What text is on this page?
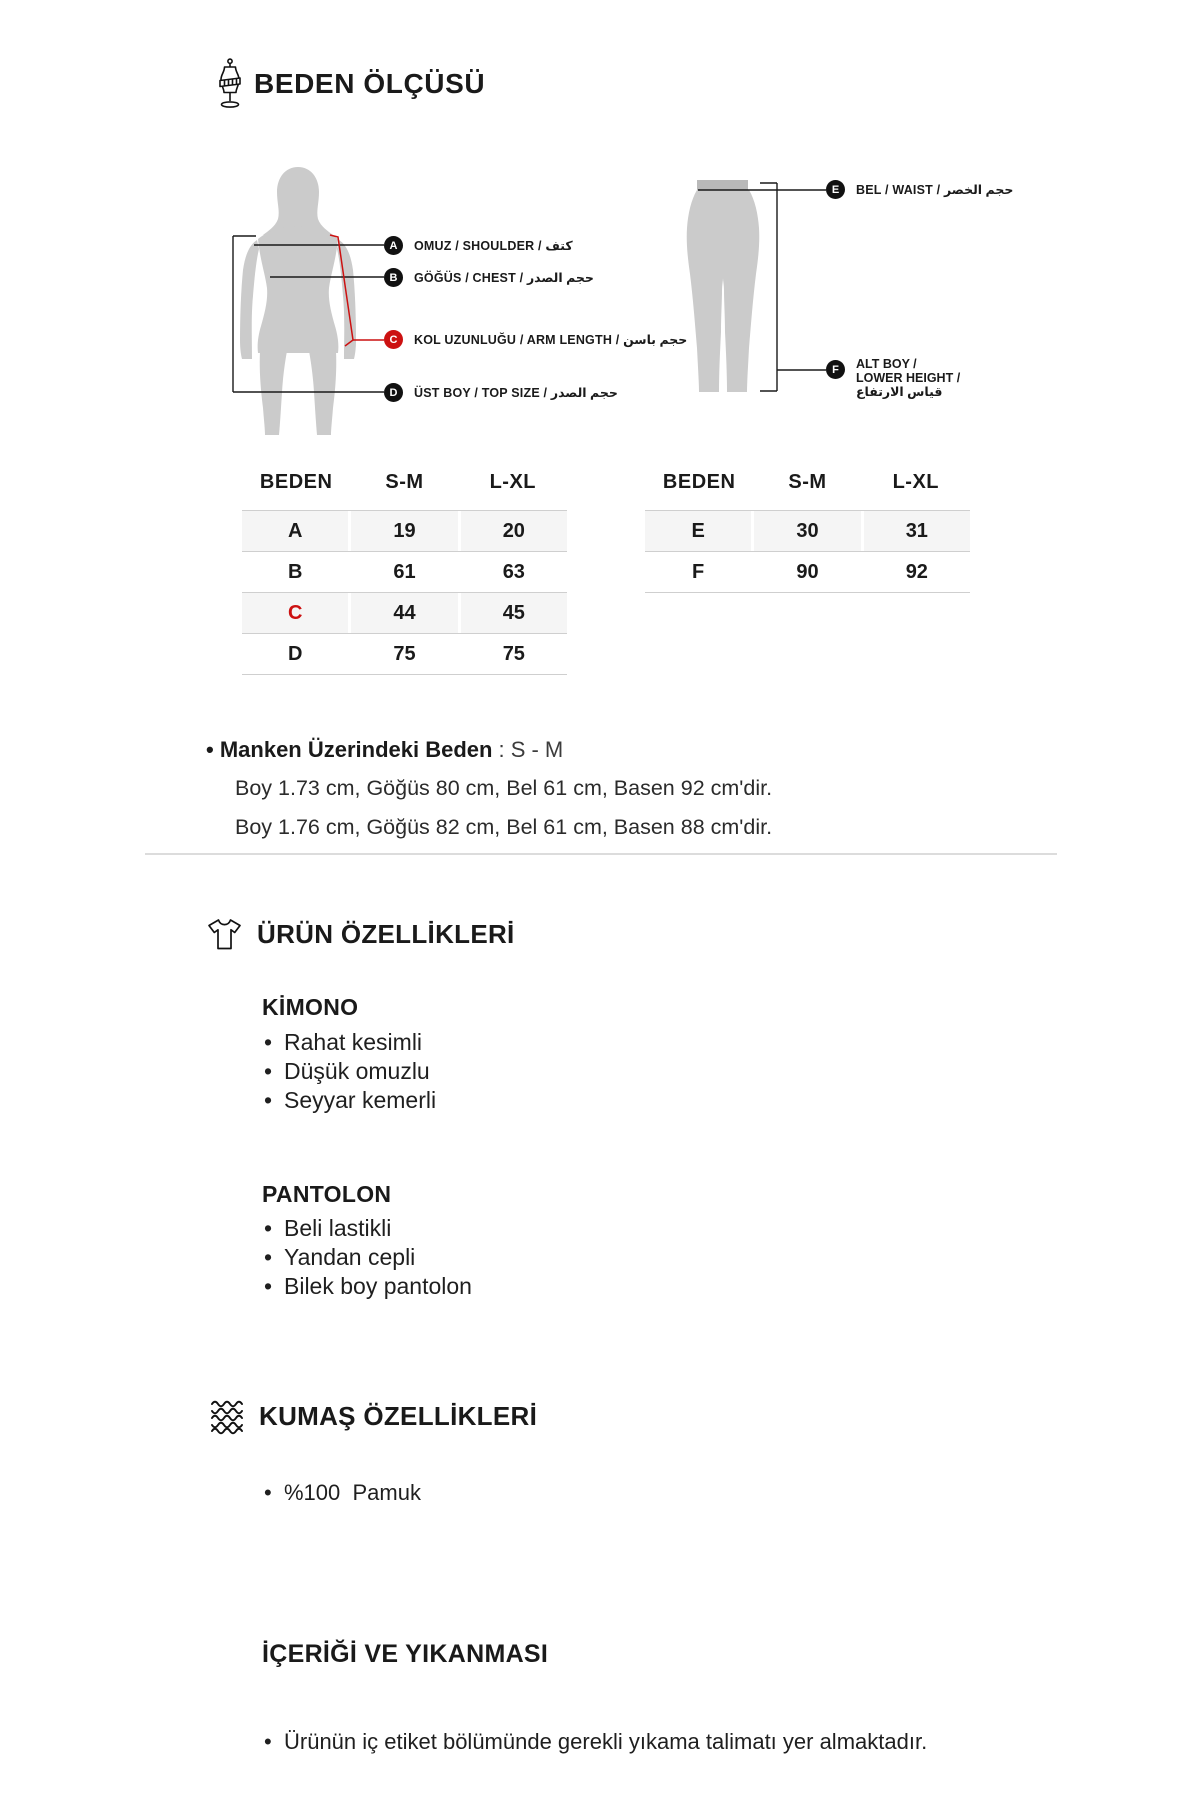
BEDEN ÖLÇÜSÜ
A	OMUZ / SHOULDER / كتف
B	GÖĞÜS / CHEST / حجم الصدر
C	KOL UZUNLUĞU / ARM LENGTH / حجم باسن
D	ÜST BOY / TOP SIZE / حجم الصدر
E	BEL / WAIST / حجم الخصر
F	ALT BOY /
LOWER HEIGHT /
قياس الارتفاع
BEDEN	S-M	L-XL
A	19	20
B	61	63
C	44	45
D	75	75
BEDEN	S-M	L-XL
E	30	31
F	90	92
• Manken Üzerindeki Beden : S - M
Boy 1.73 cm, Göğüs 80 cm, Bel 61 cm, Basen 92 cm'dir.
Boy 1.76 cm, Göğüs 82 cm, Bel 61 cm, Basen 88 cm'dir.
ÜRÜN ÖZELLİKLERİ
KİMONO
• Rahat kesimli
• Düşük omuzlu
• Seyyar kemerli
PANTOLON
• Beli lastikli
• Yandan cepli
• Bilek boy pantolon
KUMAŞ ÖZELLİKLERİ
• %100  Pamuk
İÇERİĞİ VE YIKANMASI
• Ürünün iç etiket bölümünde gerekli yıkama talimatı yer almaktadır.
